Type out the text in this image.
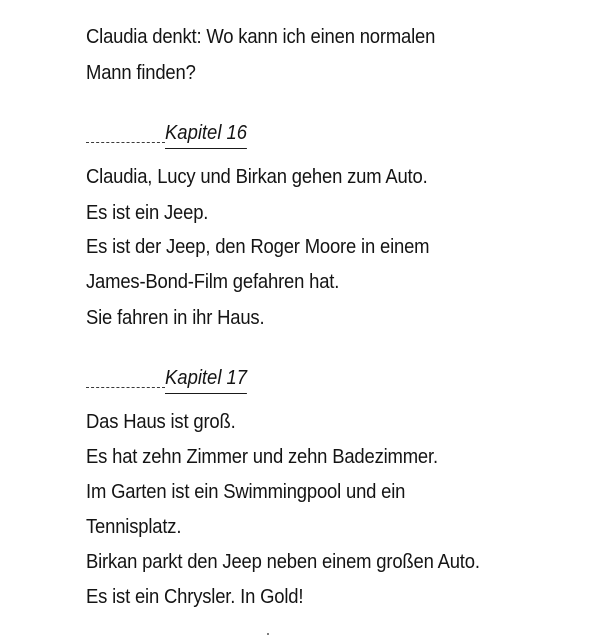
Claudia denkt: Wo kann ich einen normalen
Mann finden?
Kapitel 16
Claudia, Lucy und Birkan gehen zum Auto.
Es ist ein Jeep.
Es ist der Jeep, den Roger Moore in einem
James-Bond-Film gefahren hat.
Sie fahren in ihr Haus.
Kapitel 17
Das Haus ist groß.
Es hat zehn Zimmer und zehn Badezimmer.
Im Garten ist ein Swimmingpool und ein
Tennisplatz.
Birkan parkt den Jeep neben einem großen Auto.
Es ist ein Chrysler. In Gold!
